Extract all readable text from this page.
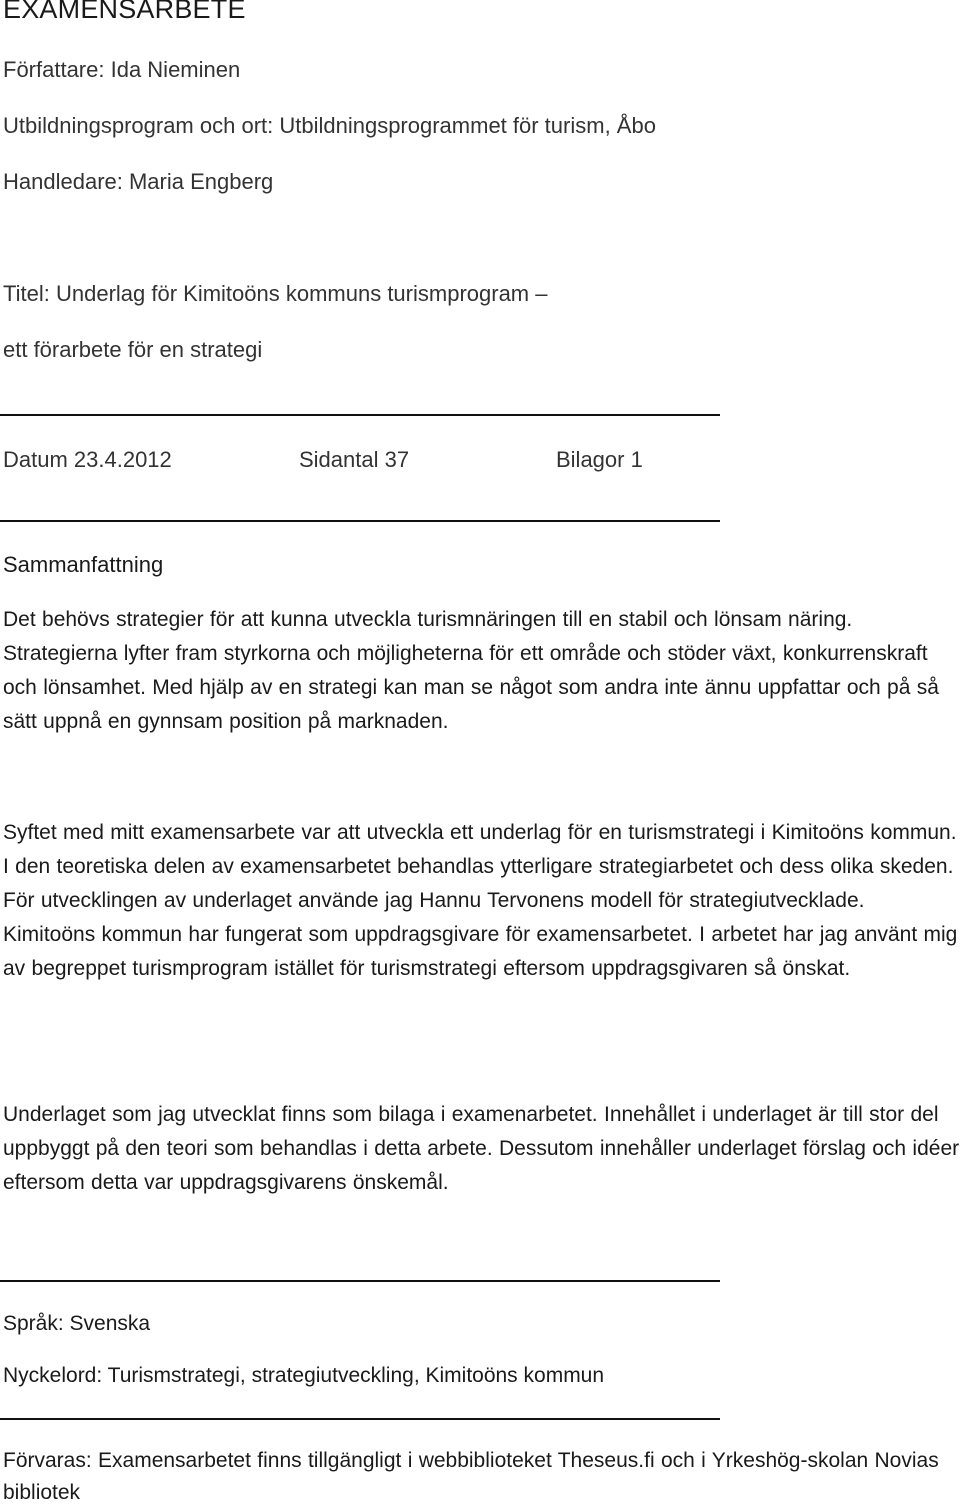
EXAMENSARBETE

Författare: Ida Nieminen

Utbildningsprogram och ort: Utbildningsprogrammet för turism, Åbo

Handledare: Maria Engberg

Titel: Underlag för Kimitoöns kommuns turismprogram –

ett förarbete för en strategi

Datum 23.4.2012	Sidantal 37	Bilagor 1
Sammanfattning

Det behövs strategier för att kunna utveckla turismnäringen till en stabil och lönsam näring. Strategierna lyfter fram styrkorna och möjligheterna för ett område och stöder växt, konkurrenskraft och lönsamhet. Med hjälp av en strategi kan man se något som andra inte ännu uppfattar och på så sätt uppnå en gynnsam position på marknaden.

Syftet med mitt examensarbete var att utveckla ett underlag för en turismstrategi i Kimitoöns kommun. I den teoretiska delen av examensarbetet behandlas ytterligare strategiarbetet och dess olika skeden. För utvecklingen av underlaget använde jag Hannu Tervonens modell för strategiutvecklade. Kimitoöns kommun har fungerat som uppdragsgivare för examensarbetet. I arbetet har jag använt mig av begreppet turismprogram istället för turismstrategi eftersom uppdragsgivaren så önskat.

Underlaget som jag utvecklat finns som bilaga i examenarbetet. Innehållet i underlaget är till stor del uppbyggt på den teori som behandlas i detta arbete. Dessutom innehåller underlaget förslag och idéer eftersom detta var uppdragsgivarens önskemål.

Språk: Svenska

Nyckelord: Turismstrategi, strategiutveckling, Kimitoöns kommun

Förvaras: Examensarbetet finns tillgängligt i webbiblioteket Theseus.fi och i Yrkeshög-skolan Novias bibliotek
